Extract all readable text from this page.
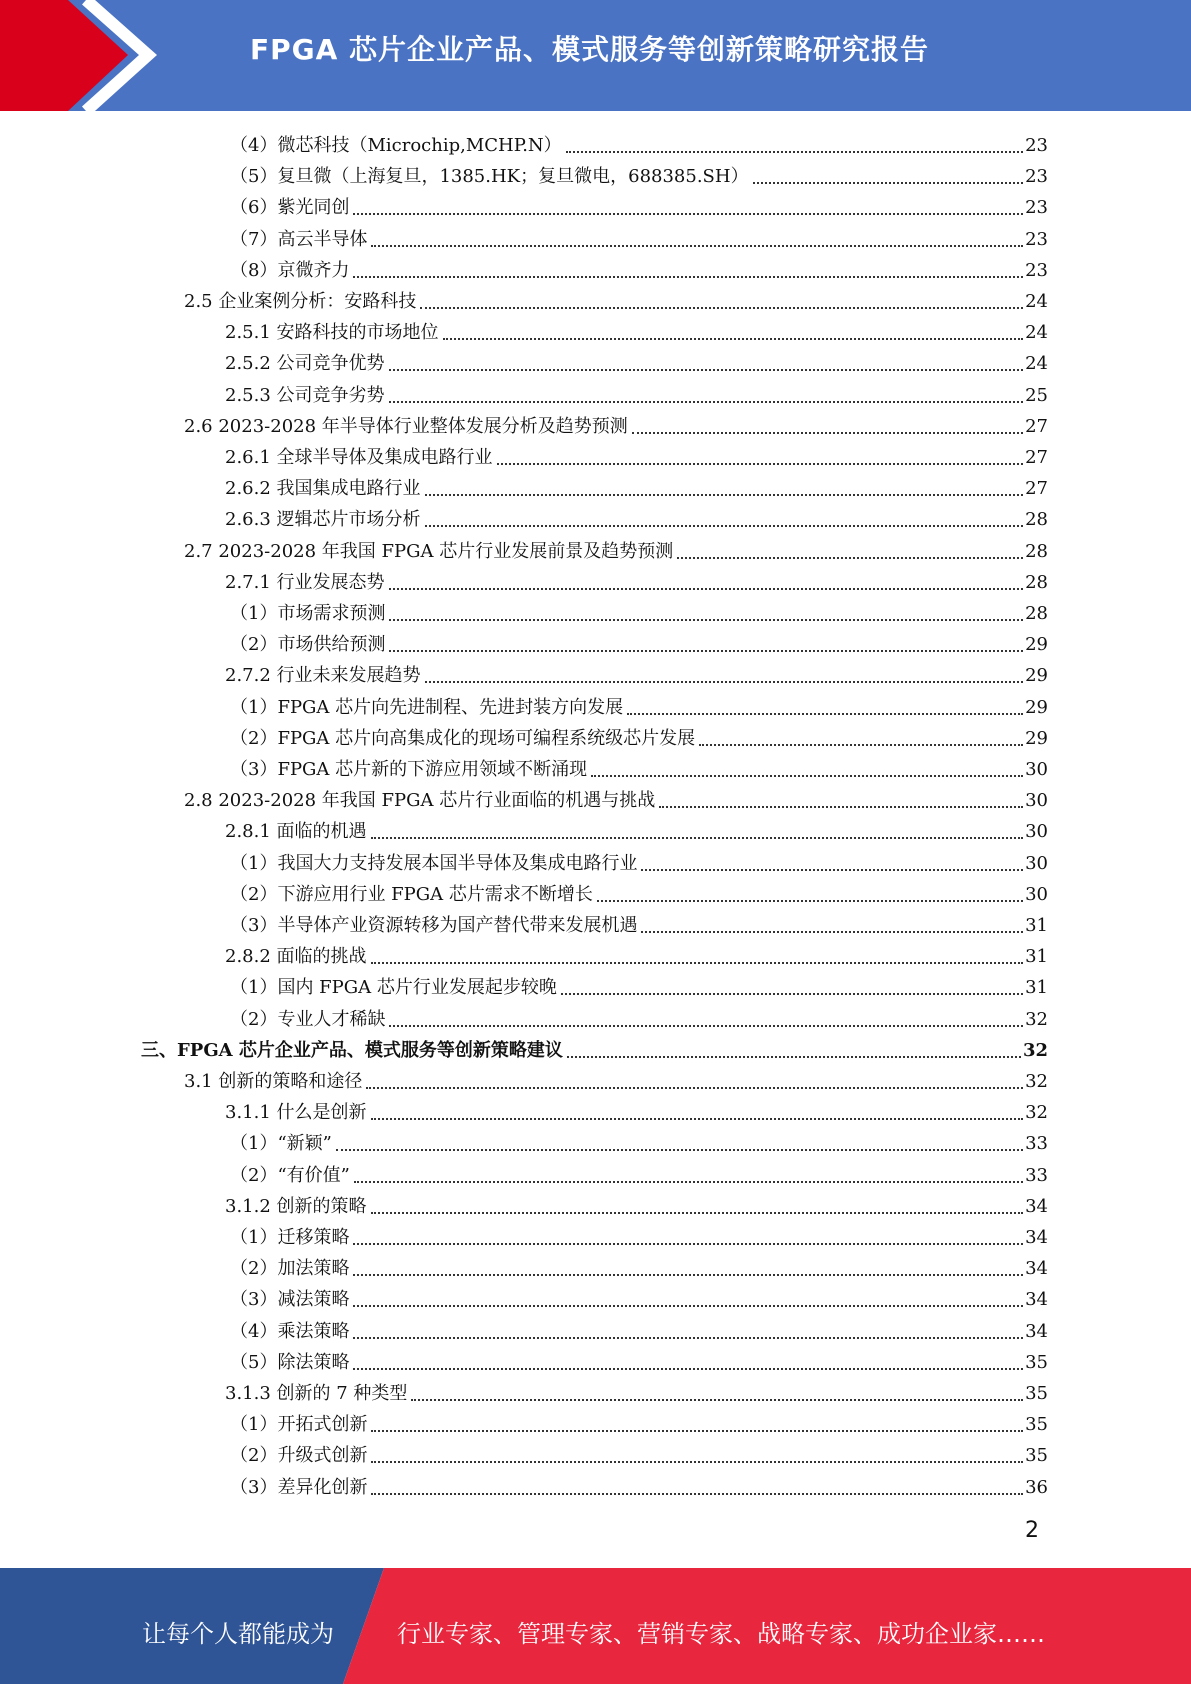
FPGA 芯片企业产品、模式服务等创新策略研究报告
（4）微芯科技（Microchip,MCHP.N）	23
（5）复旦微（上海复旦，1385.HK；复旦微电，688385.SH）	23
（6）紫光同创	23
（7）高云半导体	23
（8）京微齐力	23
2.5 企业案例分析：安路科技	24
2.5.1 安路科技的市场地位	24
2.5.2 公司竞争优势	24
2.5.3 公司竞争劣势	25
2.6 2023-2028 年半导体行业整体发展分析及趋势预测	27
2.6.1 全球半导体及集成电路行业	27
2.6.2 我国集成电路行业	27
2.6.3 逻辑芯片市场分析	28
2.7 2023-2028 年我国 FPGA 芯片行业发展前景及趋势预测	28
2.7.1 行业发展态势	28
（1）市场需求预测	28
（2）市场供给预测	29
2.7.2 行业未来发展趋势	29
（1）FPGA 芯片向先进制程、先进封装方向发展	29
（2）FPGA 芯片向高集成化的现场可编程系统级芯片发展	29
（3）FPGA 芯片新的下游应用领域不断涌现	30
2.8 2023-2028 年我国 FPGA 芯片行业面临的机遇与挑战	30
2.8.1 面临的机遇	30
（1）我国大力支持发展本国半导体及集成电路行业	30
（2）下游应用行业 FPGA 芯片需求不断增长	30
（3）半导体产业资源转移为国产替代带来发展机遇	31
2.8.2 面临的挑战	31
（1）国内 FPGA 芯片行业发展起步较晚	31
（2）专业人才稀缺	32
三、FPGA 芯片企业产品、模式服务等创新策略建议	32
3.1 创新的策略和途径	32
3.1.1 什么是创新	32
（1）“新颖”	33
（2）“有价值”	33
3.1.2 创新的策略	34
（1）迁移策略	34
（2）加法策略	34
（3）减法策略	34
（4）乘法策略	34
（5）除法策略	35
3.1.3 创新的 7 种类型	35
（1）开拓式创新	35
（2）升级式创新	35
（3）差异化创新	36
2
让每个人都能成为	行业专家、管理专家、营销专家、战略专家、成功企业家……
